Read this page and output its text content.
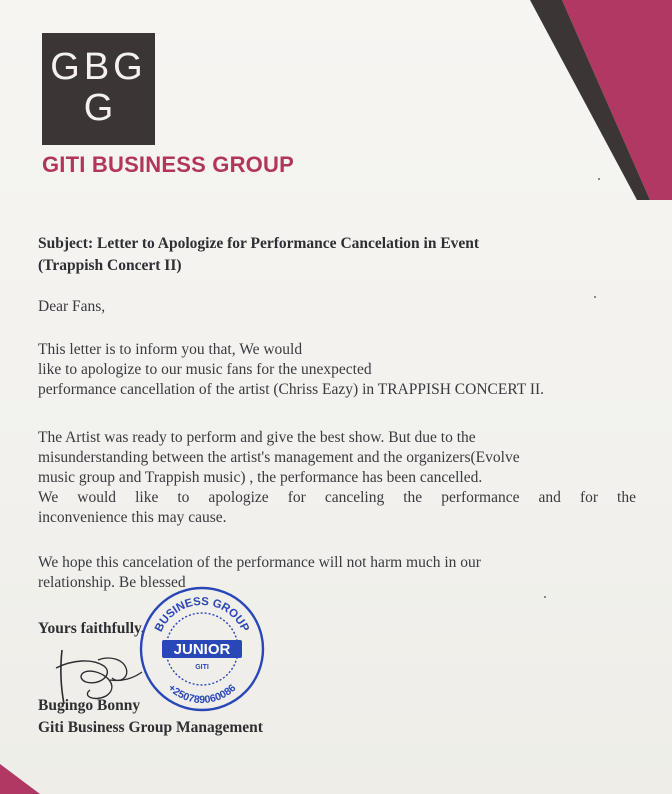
GBG
G
GITI BUSINESS GROUP
Subject: Letter to Apologize for Performance Cancelation in Event
(Trappish Concert II)
Dear Fans,
This letter is to inform you that, We would
like to apologize to our music fans for the unexpected
performance cancellation of the artist (Chriss Eazy) in TRAPPISH CONCERT II.
The Artist was ready to perform and give the best show. But due to the
misunderstanding between the artist's management and the organizers(Evolve
music group and Trappish music) , the performance has been cancelled.
We would like to apologize for canceling the performance and for the
inconvenience this may cause.
We hope this cancelation of the performance will not harm much in our
relationship. Be blessed
Yours faithfully,
Bugingo Bonny
Giti Business Group Management
BUSINESS GROUP
+250789060086
JUNIOR
GITI
